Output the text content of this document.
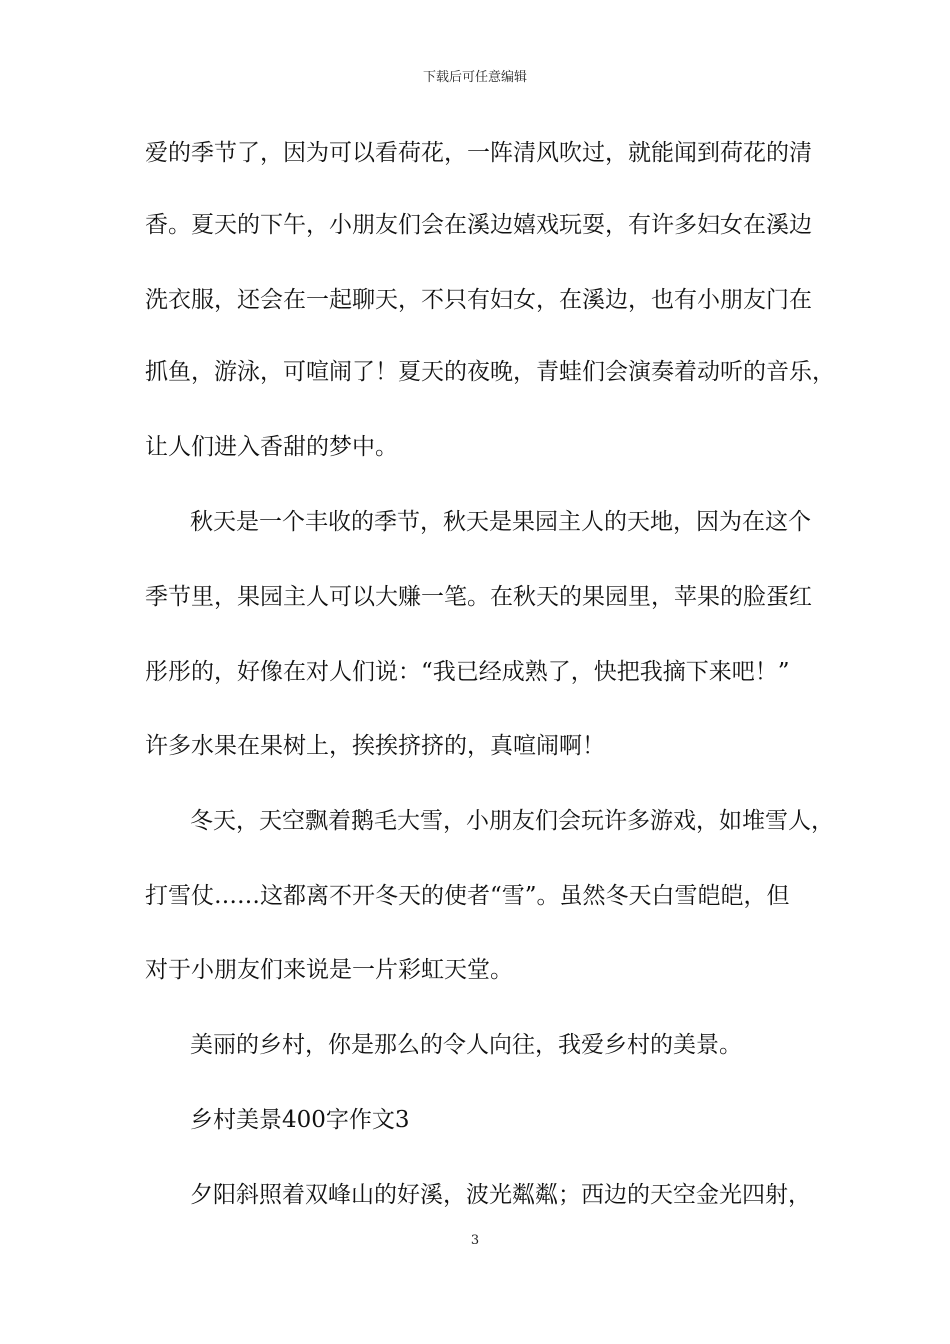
下载后可任意编辑
爱的季节了，因为可以看荷花，一阵清风吹过，就能闻到荷花的清
香。夏天的下午，小朋友们会在溪边嬉戏玩耍，有许多妇女在溪边
洗衣服，还会在一起聊天，不只有妇女，在溪边，也有小朋友门在
抓鱼，游泳，可喧闹了！夏天的夜晚，青蛙们会演奏着动听的音乐，
让人们进入香甜的梦中。
秋天是一个丰收的季节，秋天是果园主人的天地，因为在这个
季节里，果园主人可以大赚一笔。在秋天的果园里，苹果的脸蛋红
彤彤的，好像在对人们说：“我已经成熟了，快把我摘下来吧！”
许多水果在果树上，挨挨挤挤的，真喧闹啊！
冬天，天空飘着鹅毛大雪，小朋友们会玩许多游戏，如堆雪人，
打雪仗……这都离不开冬天的使者“雪”。虽然冬天白雪皑皑，但
对于小朋友们来说是一片彩虹天堂。
美丽的乡村，你是那么的令人向往，我爱乡村的美景。
乡村美景400字作文3
夕阳斜照着双峰山的好溪，波光粼粼；西边的天空金光四射，
3
